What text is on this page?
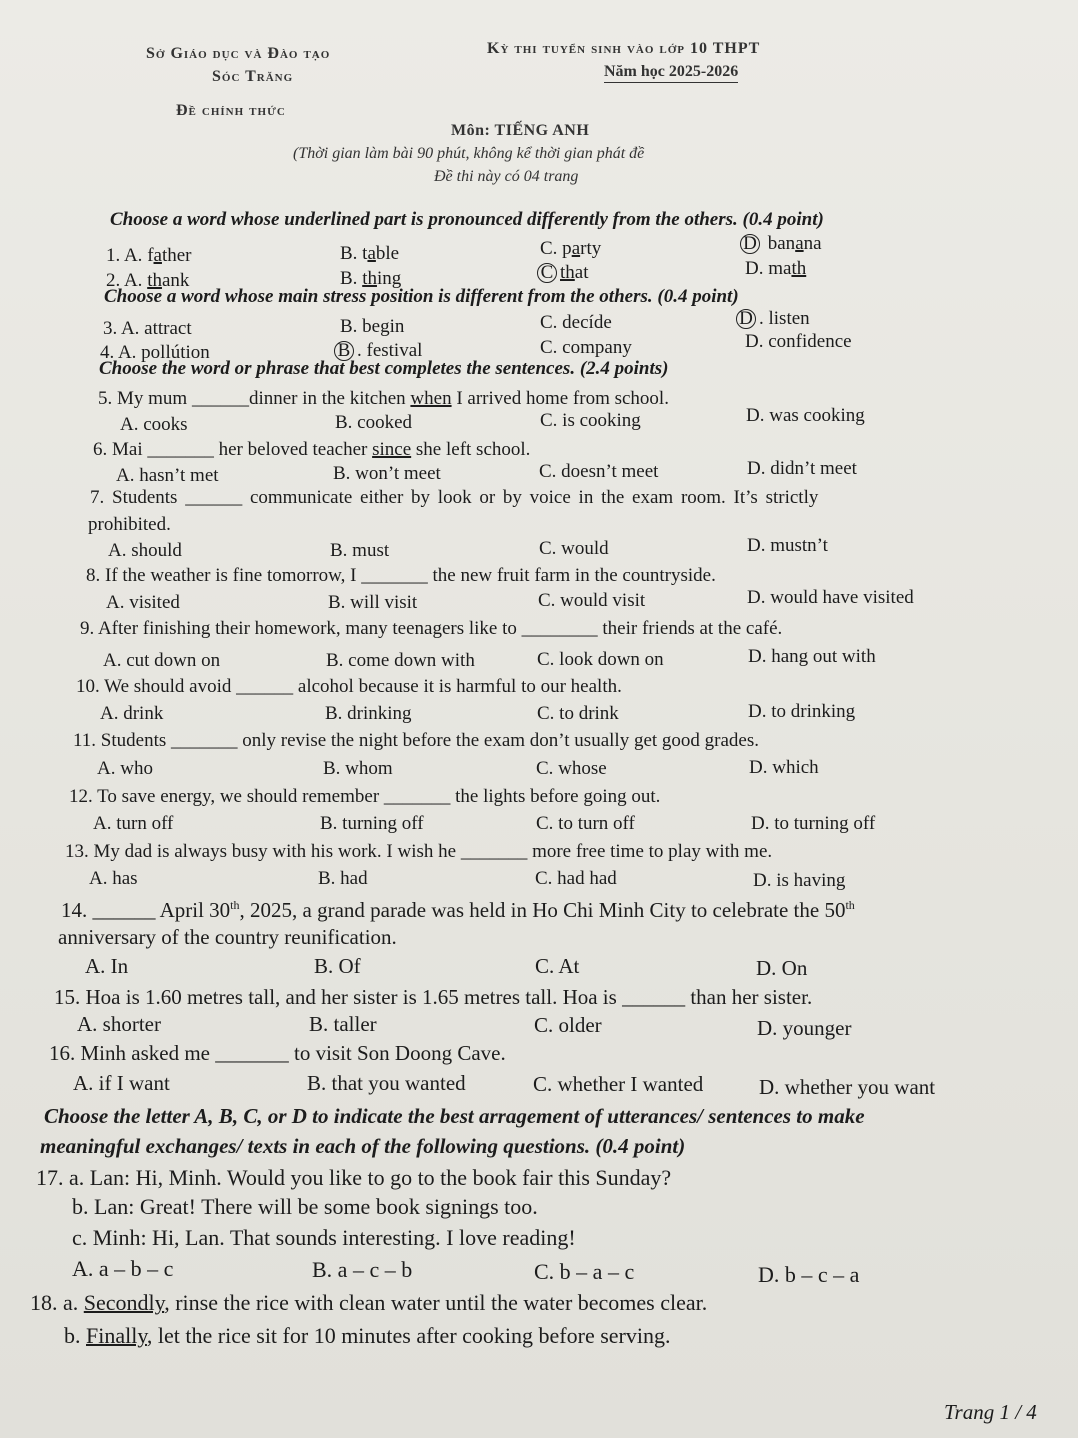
Sở Giáo dục và Đào tạo
Sóc Trăng
Đề chính thức
Kỳ thi tuyển sinh vào lớp 10 THPT
Năm học 2025-2026
Môn: TIẾNG ANH
(Thời gian làm bài 90 phút, không kể thời gian phát đề
Đề thi này có 04 trang
Choose a word whose underlined part is pronounced differently from the others. (0.4 point)
1. A. father	B. table	C. party	D banana
2. A. thank	B. thing	C that	D. math
Choose a word whose main stress position is different from the others. (0.4 point)
3. A. attract	B. begin	C. decíde	D . listen
4. A. pollútion	B . festival	C. company	D. confidence
Choose the word or phrase that best completes the sentences. (2.4 points)
5. My mum ______dinner in the kitchen when I arrived home from school.
A. cooks	B. cooked	C. is cooking	D. was cooking
6. Mai _______ her beloved teacher since she left school.
A. hasn’t met	B. won’t meet	C. doesn’t meet	D. didn’t meet
7. Students ______ communicate either by look or by voice in the exam room. It’s strictly
prohibited.
A. should	B. must	C. would	D. mustn’t
8. If the weather is fine tomorrow, I _______ the new fruit farm in the countryside.
A. visited	B. will visit	C. would visit	D. would have visited
9. After finishing their homework, many teenagers like to ________ their friends at the café.
A. cut down on	B. come down with	C. look down on	D. hang out with
10. We should avoid ______ alcohol because it is harmful to our health.
A. drink	B. drinking	C. to drink	D. to drinking
11. Students _______ only revise the night before the exam don’t usually get good grades.
A. who	B. whom	C. whose	D. which
12. To save energy, we should remember _______ the lights before going out.
A. turn off	B. turning off	C. to turn off	D. to turning off
13. My dad is always busy with his work. I wish he _______ more free time to play with me.
A. has	B. had	C. had had	D. is having
14. ______ April 30th, 2025, a grand parade was held in Ho Chi Minh City to celebrate the 50th
anniversary of the country reunification.
A. In	B. Of	C. At	D. On
15. Hoa is 1.60 metres tall, and her sister is 1.65 metres tall. Hoa is ______ than her sister.
A. shorter	B. taller	C. older	D. younger
16. Minh asked me _______ to visit Son Doong Cave.
A. if I want	B. that you wanted	C. whether I wanted	D. whether you want
Choose the letter A, B, C, or D to indicate the best arragement of utterances/ sentences to make
meaningful exchanges/ texts in each of the following questions. (0.4 point)
17. a. Lan: Hi, Minh. Would you like to go to the book fair this Sunday?
b. Lan: Great! There will be some book signings too.
c. Minh: Hi, Lan. That sounds interesting. I love reading!
A. a – b – c	B. a – c – b	C. b – a – c	D. b – c – a
18. a. Secondly, rinse the rice with clean water until the water becomes clear.
b. Finally, let the rice sit for 10 minutes after cooking before serving.
Trang 1 / 4
